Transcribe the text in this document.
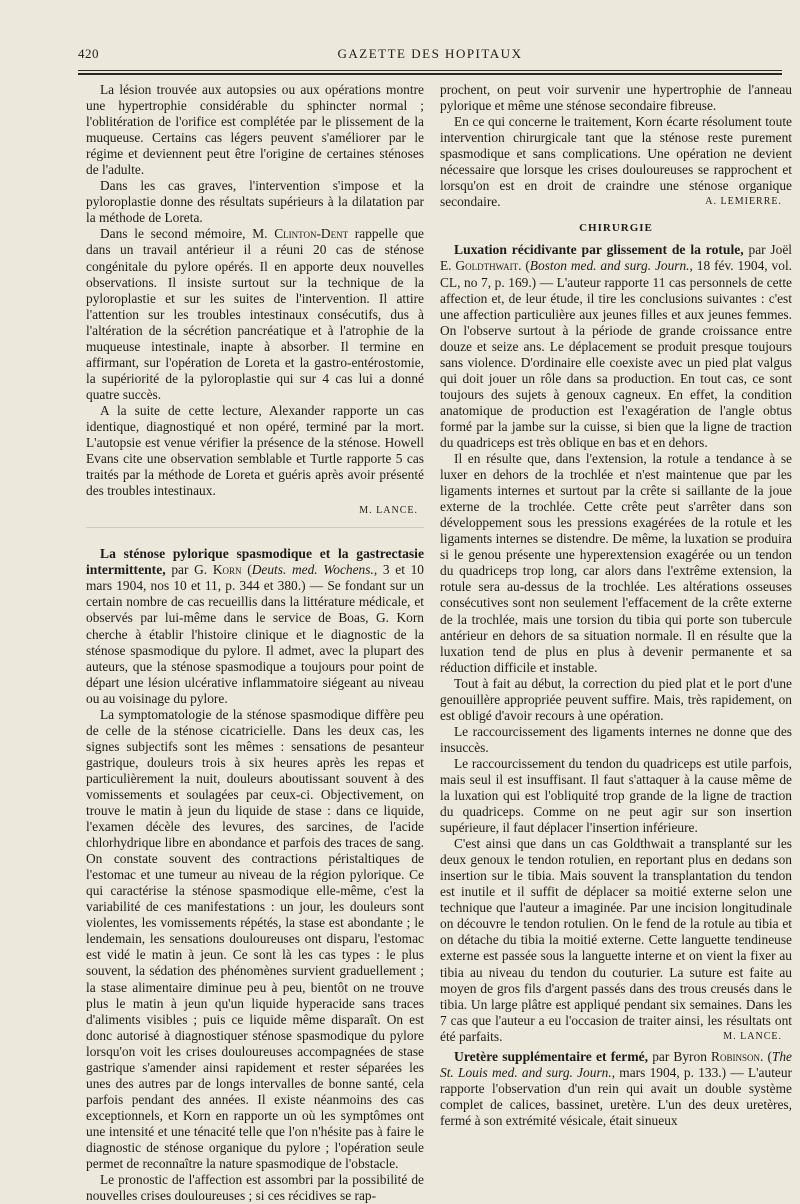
420	GAZETTE DES HOPITAUX

La lésion trouvée aux autopsies ou aux opérations montre une hypertrophie considérable du sphincter normal ; l'oblitération de l'orifice est complétée par le plissement de la muqueuse. Certains cas légers peuvent s'améliorer par le régime et deviennent peut être l'origine de certaines sténoses de l'adulte.

Dans les cas graves, l'intervention s'impose et la pyloroplastie donne des résultats supérieurs à la dilatation par la méthode de Loreta.

Dans le second mémoire, M. Clinton-Dent rappelle que dans un travail antérieur il a réuni 20 cas de sténose congénitale du pylore opérés. Il en apporte deux nouvelles observations. Il insiste surtout sur la technique de la pyloroplastie et sur les suites de l'intervention. Il attire l'attention sur les troubles intestinaux consécutifs, dus à l'altération de la sécrétion pancréatique et à l'atrophie de la muqueuse intestinale, inapte à absorber. Il termine en affirmant, sur l'opération de Loreta et la gastro-entérostomie, la supériorité de la pyloroplastie qui sur 4 cas lui a donné quatre succès.

A la suite de cette lecture, Alexander rapporte un cas identique, diagnostiqué et non opéré, terminé par la mort. L'autopsie est venue vérifier la présence de la sténose. Howell Evans cite une observation semblable et Turtle rapporte 5 cas traités par la méthode de Loreta et guéris après avoir présenté des troubles intestinaux.

M. LANCE.

La sténose pylorique spasmodique et la gastrectasie intermittente, par G. Korn (Deuts. med. Wochens., 3 et 10 mars 1904, nos 10 et 11, p. 344 et 380.) — Se fondant sur un certain nombre de cas recueillis dans la littérature médicale, et observés par lui-même dans le service de Boas, G. Korn cherche à établir l'histoire clinique et le diagnostic de la sténose spasmodique du pylore. Il admet, avec la plupart des auteurs, que la sténose spasmodique a toujours pour point de départ une lésion ulcérative inflammatoire siégeant au niveau ou au voisinage du pylore.

La symptomatologie de la sténose spasmodique diffère peu de celle de la sténose cicatricielle. Dans les deux cas, les signes subjectifs sont les mêmes : sensations de pesanteur gastrique, douleurs trois à six heures après les repas et particulièrement la nuit, douleurs aboutissant souvent à des vomissements et soulagées par ceux-ci. Objectivement, on trouve le matin à jeun du liquide de stase : dans ce liquide, l'examen décèle des levures, des sarcines, de l'acide chlorhydrique libre en abondance et parfois des traces de sang. On constate souvent des contractions péristaltiques de l'estomac et une tumeur au niveau de la région pylorique. Ce qui caractérise la sténose spasmodique elle-même, c'est la variabilité de ces manifestations : un jour, les douleurs sont violentes, les vomissements répétés, la stase est abondante ; le lendemain, les sensations douloureuses ont disparu, l'estomac est vidé le matin à jeun. Ce sont là les cas types : le plus souvent, la sédation des phénomènes survient graduellement ; la stase alimentaire diminue peu à peu, bientôt on ne trouve plus le matin à jeun qu'un liquide hyperacide sans traces d'aliments visibles ; puis ce liquide même disparaît. On est donc autorisé à diagnostiquer sténose spasmodique du pylore lorsqu'on voit les crises douloureuses accompagnées de stase gastrique s'amender ainsi rapidement et rester séparées les unes des autres par de longs intervalles de bonne santé, cela parfois pendant des années. Il existe néanmoins des cas exceptionnels, et Korn en rapporte un où les symptômes ont une intensité et une ténacité telle que l'on n'hésite pas à faire le diagnostic de sténose organique du pylore ; l'opération seule permet de reconnaître la nature spasmodique de l'obstacle.

Le pronostic de l'affection est assombri par la possibilité de nouvelles crises douloureuses ; si ces récidives se rap-

prochent, on peut voir survenir une hypertrophie de l'anneau pylorique et même une sténose secondaire fibreuse.

En ce qui concerne le traitement, Korn écarte résolument toute intervention chirurgicale tant que la sténose reste purement spasmodique et sans complications. Une opération ne devient nécessaire que lorsque les crises douloureuses se rapprochent et lorsqu'on est en droit de craindre une sténose organique secondaire.	A. LEMIERRE.

CHIRURGIE

Luxation récidivante par glissement de la rotule, par Joël E. Goldthwait. (Boston med. and surg. Journ., 18 fév. 1904, vol. CL, no 7, p. 169.) — L'auteur rapporte 11 cas personnels de cette affection et, de leur étude, il tire les conclusions suivantes : c'est une affection particulière aux jeunes filles et aux jeunes femmes. On l'observe surtout à la période de grande croissance entre douze et seize ans. Le déplacement se produit presque toujours sans violence. D'ordinaire elle coexiste avec un pied plat valgus qui doit jouer un rôle dans sa production. En tout cas, ce sont toujours des sujets à genoux cagneux. En effet, la condition anatomique de production est l'exagération de l'angle obtus formé par la jambe sur la cuisse, si bien que la ligne de traction du quadriceps est très oblique en bas et en dehors.

Il en résulte que, dans l'extension, la rotule a tendance à se luxer en dehors de la trochlée et n'est maintenue que par les ligaments internes et surtout par la crête si saillante de la joue externe de la trochlée. Cette crête peut s'arrêter dans son développement sous les pressions exagérées de la rotule et les ligaments internes se distendre. De même, la luxation se produira si le genou présente une hyperextension exagérée ou un tendon du quadriceps trop long, car alors dans l'extrême extension, la rotule sera au-dessus de la trochlée. Les altérations osseuses consécutives sont non seulement l'effacement de la crête externe de la trochlée, mais une torsion du tibia qui porte son tubercule antérieur en dehors de sa situation normale. Il en résulte que la luxation tend de plus en plus à devenir permanente et sa réduction difficile et instable.

Tout à fait au début, la correction du pied plat et le port d'une genouillère appropriée peuvent suffire. Mais, très rapidement, on est obligé d'avoir recours à une opération.

Le raccourcissement des ligaments internes ne donne que des insuccès.

Le raccourcissement du tendon du quadriceps est utile parfois, mais seul il est insuffisant. Il faut s'attaquer à la cause même de la luxation qui est l'obliquité trop grande de la ligne de traction du quadriceps. Comme on ne peut agir sur son insertion supérieure, il faut déplacer l'insertion inférieure.

C'est ainsi que dans un cas Goldthwait a transplanté sur les deux genoux le tendon rotulien, en reportant plus en dedans son insertion sur le tibia. Mais souvent la transplantation du tendon est inutile et il suffit de déplacer sa moitié externe selon une technique que l'auteur a imaginée. Par une incision longitudinale on découvre le tendon rotulien. On le fend de la rotule au tibia et on détache du tibia la moitié externe. Cette languette tendineuse externe est passée sous la languette interne et on vient la fixer au tibia au niveau du tendon du couturier. La suture est faite au moyen de gros fils d'argent passés dans des trous creusés dans le tibia. Un large plâtre est appliqué pendant six semaines. Dans les 7 cas que l'auteur a eu l'occasion de traiter ainsi, les résultats ont été parfaits.	M. LANCE.

Uretère supplémentaire et fermé, par Byron Robinson. (The St. Louis med. and surg. Journ., mars 1904, p. 133.) — L'auteur rapporte l'observation d'un rein qui avait un double système complet de calices, bassinet, uretère. L'un des deux uretères, fermé à son extrémité vésicale, était sinueux
